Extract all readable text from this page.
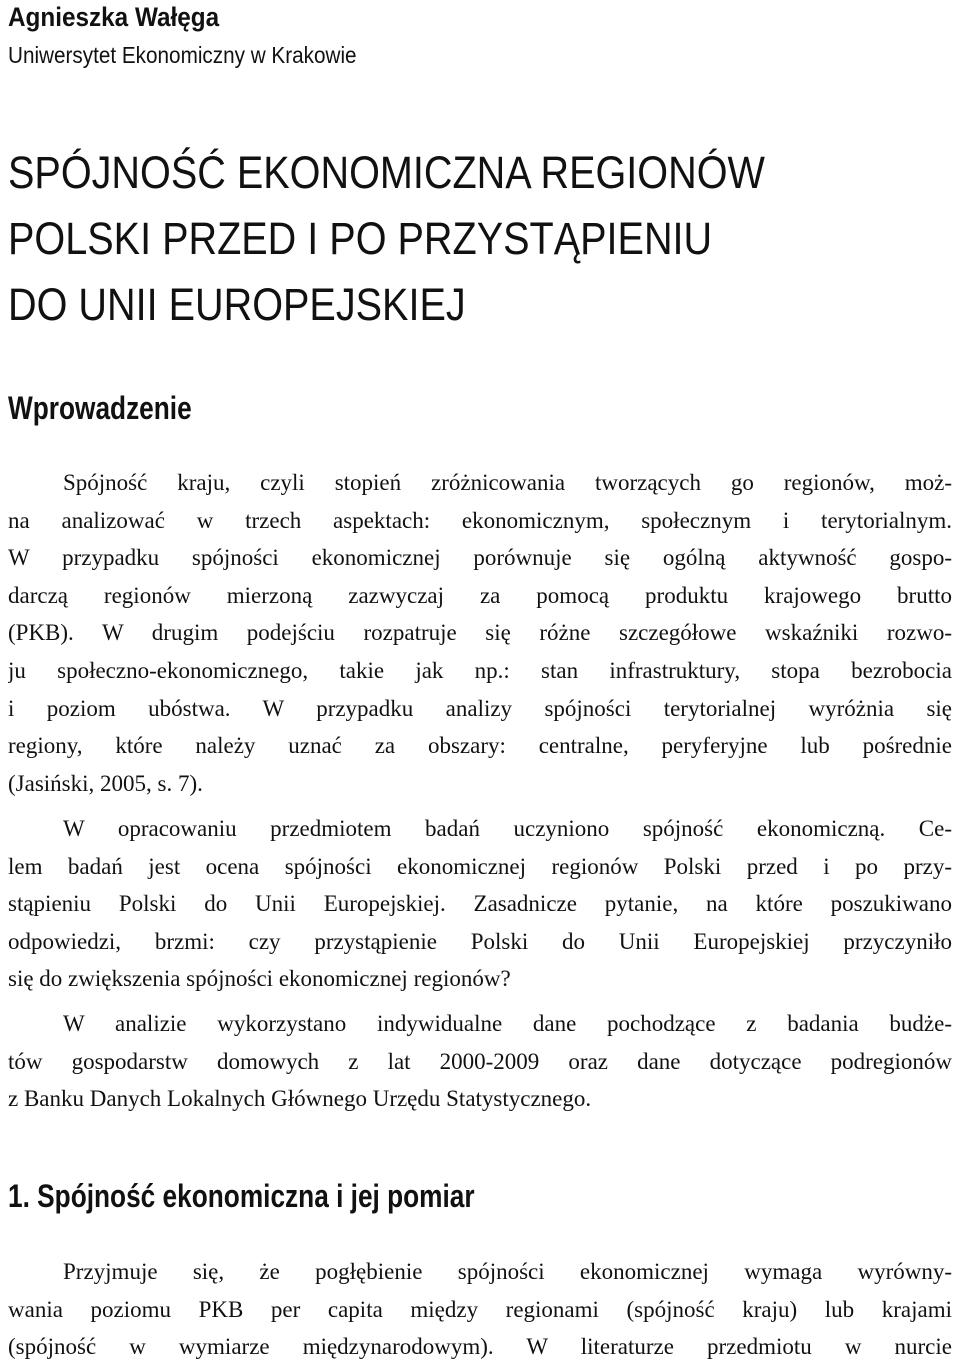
Agnieszka Wałęga
Uniwersytet Ekonomiczny w Krakowie
SPÓJNOŚĆ EKONOMICZNA REGIONÓW
POLSKI PRZED I PO PRZYSTĄPIENIU
DO UNII EUROPEJSKIEJ
Wprowadzenie
Spójność kraju, czyli stopień zróżnicowania tworzących go regionów, moż-
na analizować w trzech aspektach: ekonomicznym, społecznym i terytorialnym.
W przypadku spójności ekonomicznej porównuje się ogólną aktywność gospo-
darczą regionów mierzoną zazwyczaj za pomocą produktu krajowego brutto
(PKB). W drugim podejściu rozpatruje się różne szczegółowe wskaźniki rozwo-
ju społeczno-ekonomicznego, takie jak np.: stan infrastruktury, stopa bezrobocia
i poziom ubóstwa. W przypadku analizy spójności terytorialnej wyróżnia się
regiony, które należy uznać za obszary: centralne, peryferyjne lub pośrednie
(Jasiński, 2005, s. 7).
W opracowaniu przedmiotem badań uczyniono spójność ekonomiczną. Ce-
lem badań jest ocena spójności ekonomicznej regionów Polski przed i po przy-
stąpieniu Polski do Unii Europejskiej. Zasadnicze pytanie, na które poszukiwano
odpowiedzi, brzmi: czy przystąpienie Polski do Unii Europejskiej przyczyniło
się do zwiększenia spójności ekonomicznej regionów?
W analizie wykorzystano indywidualne dane pochodzące z badania budże-
tów gospodarstw domowych z lat 2000-2009 oraz dane dotyczące podregionów
z Banku Danych Lokalnych Głównego Urzędu Statystycznego.
1. Spójność ekonomiczna i jej pomiar
Przyjmuje się, że pogłębienie spójności ekonomicznej wymaga wyrówny-
wania poziomu PKB per capita między regionami (spójność kraju) lub krajami
(spójność w wymiarze międzynarodowym). W literaturze przedmiotu w nurcie
